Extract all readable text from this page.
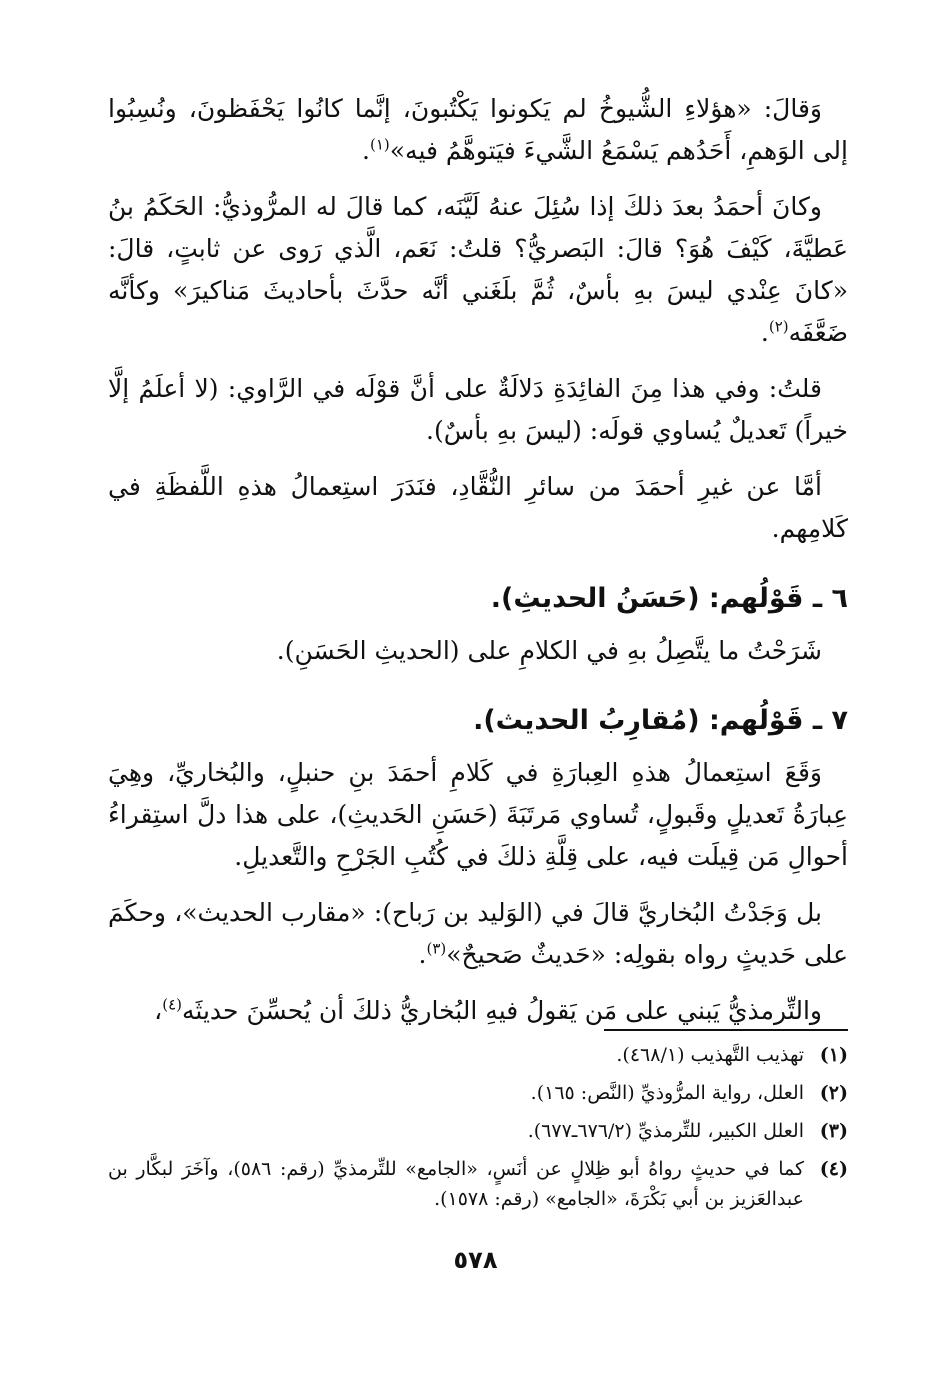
وَقالَ: «هؤلاءِ الشُّيوخُ لم يَكونوا يَكْتُبونَ، إنَّما كانُوا يَحْفَظونَ، ونُسِبُوا إلى الوَهمِ، أَحَدُهم يَسْمَعُ الشَّيءَ فيَتوهَّمُ فيه»$^{(١)}$.

وكانَ أحمَدُ بعدَ ذلكَ إذا سُئِلَ عنهُ لَيَّنَه، كما قالَ له المرُّوذيُّ: الحَكَمُ بنُ عَطيَّةَ، كَيْفَ هُوَ؟ قالَ: البَصريُّ؟ قلتُ: نَعَم، الَّذي رَوى عن ثابتٍ، قالَ: «كانَ عِنْدي ليسَ بهِ بأسٌ، ثُمَّ بلَغَني أنَّه حدَّثَ بأحاديثَ مَناكيرَ» وكأنَّه ضَعَّفَه$^{(٢)}$.

قلتُ: وفي هذا مِنَ الفائِدَةِ دَلالَةٌ على أنَّ قوْلَه في الرَّاوي: (لا أعلَمُ إلَّا خيراً) تَعديلٌ يُساوي قولَه: (ليسَ بهِ بأسٌ).

أمَّا عن غيرِ أحمَدَ من سائرِ النُّقَّادِ، فنَدَرَ استِعمالُ هذهِ اللَّفظَةِ في كَلامِهم.

٦ ـ قَوْلُهم: (حَسَنُ الحديثِ).

شَرَحْتُ ما يتَّصِلُ بهِ في الكلامِ على (الحديثِ الحَسَنِ).

٧ ـ قَوْلُهم: (مُقارِبُ الحديث).

وَقَعَ استِعمالُ هذهِ العِبارَةِ في كَلامِ أحمَدَ بنِ حنبلٍ، والبُخاريِّ، وهِيَ عِبارَةُ تَعديلٍ وقَبولٍ، تُساوي مَرتَبَةَ (حَسَنِ الحَديثِ)، على هذا دلَّ استِقراءُ أحوالِ مَن قِيلَت فيه، على قِلَّةِ ذلكَ في كُتُبِ الجَرْحِ والتَّعديلِ.

بل وَجَدْتُ البُخاريَّ قالَ في (الوَليد بن رَباح): «مقارب الحديث»، وحكَمَ على حَديثٍ رواه بقولِه: «حَديثٌ صَحيحٌ»$^{(٣)}$.

والتِّرمذيُّ يَبني على مَن يَقولُ فيهِ البُخاريُّ ذلكَ أن يُحسِّنَ حديثَه$^{(٤)}$،

(١)
تهذيب التَّهذيب (٤٦٨/١).
(٢)
العلل، رواية المرُّوذيِّ (النَّص: ١٦٥).
(٣)
العلل الكبير، للتِّرمذيِّ (٦٧٦/٢ـ٦٧٧).
(٤)
كما في حديثٍ رواهُ أبو ظِلالٍ عن أنَسٍ، «الجامع» للتِّرمذيِّ (رقم: ٥٨٦)، وآخَرَ لبكَّار بن عبدالعَزيز بن أبي بَكْرَةَ، «الجامع» (رقم: ١٥٧٨).
٥٧٨
